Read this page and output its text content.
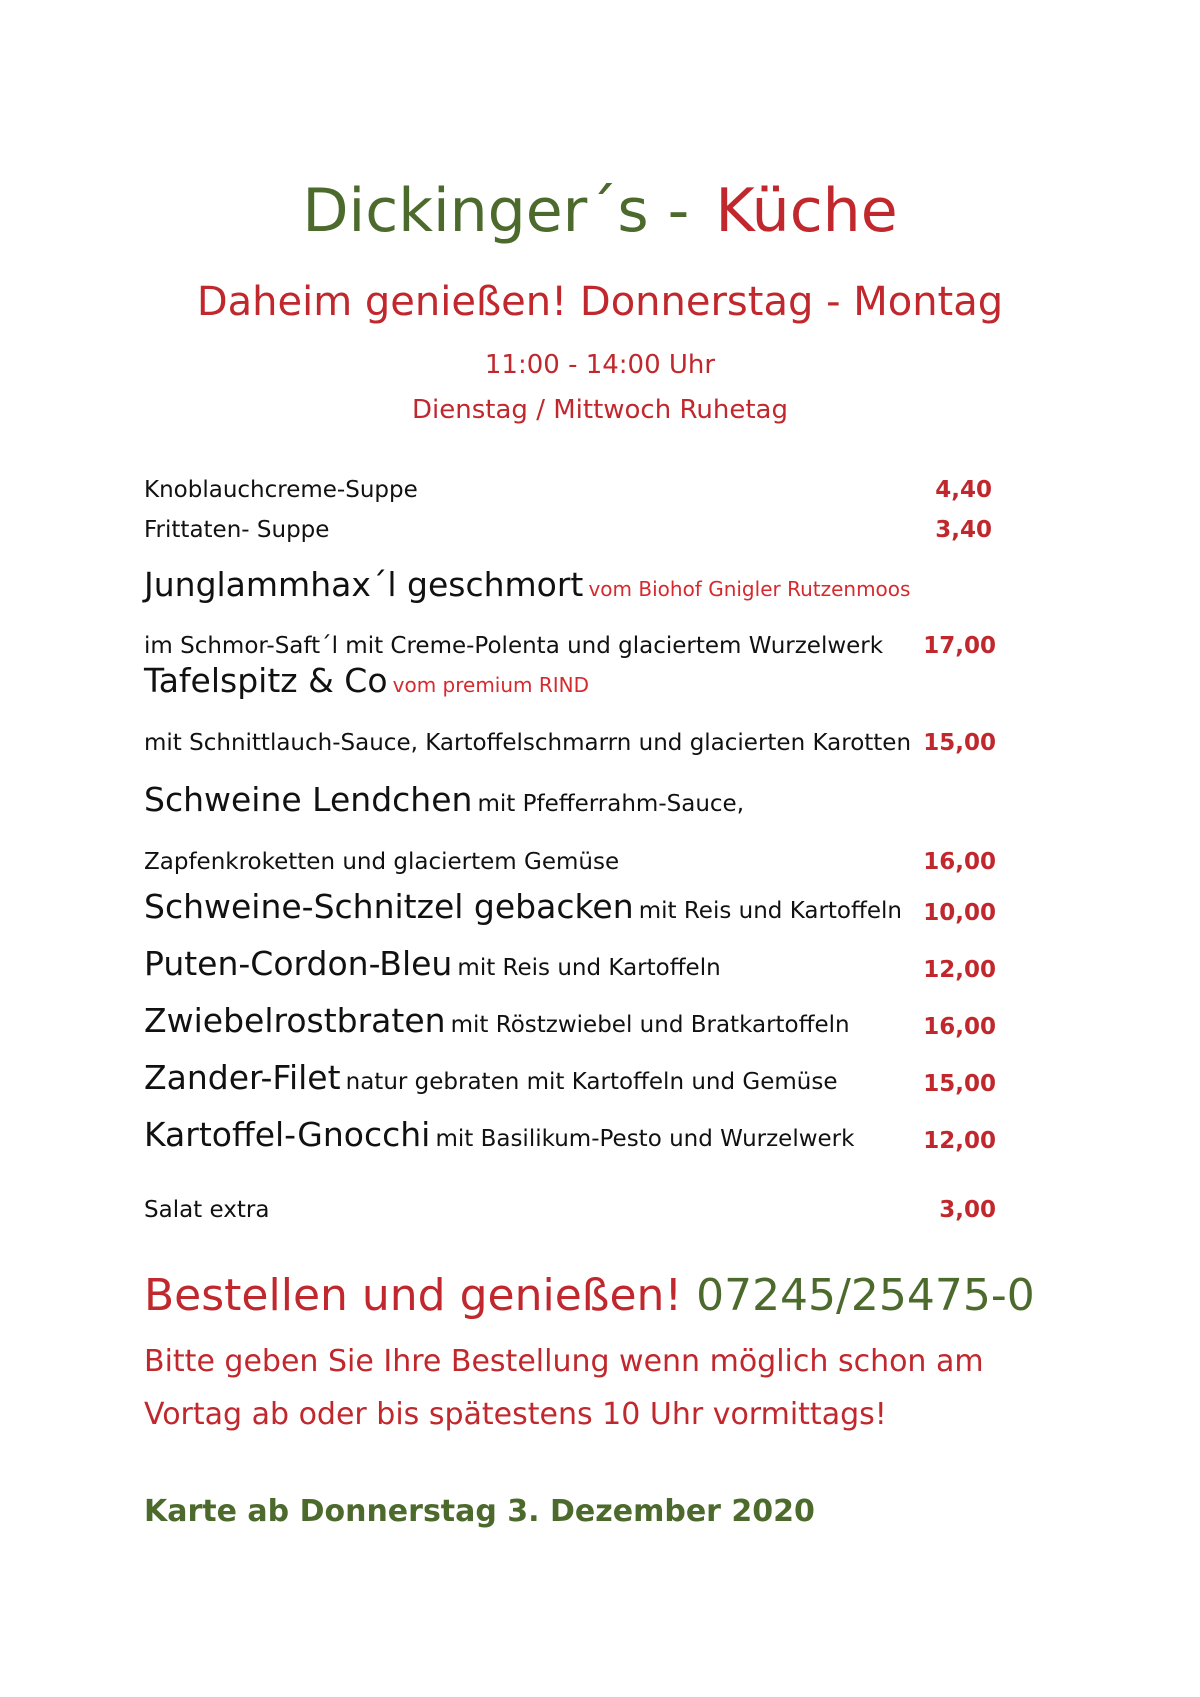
Dickinger´s - Küche
Daheim genießen! Donnerstag - Montag
11:00 - 14:00 Uhr
Dienstag / Mittwoch Ruhetag
Knoblauchcreme-Suppe	4,40
Frittaten- Suppe	3,40
Junglammhax´l geschmort vom Biohof Gnigler Rutzenmoos
im Schmor-Saft´l mit Creme-Polenta und glaciertem Wurzelwerk 17,00
Tafelspitz & Co vom premium RIND
mit Schnittlauch-Sauce, Kartoffelschmarrn und glacierten Karotten 15,00
Schweine Lendchen mit Pfefferrahm-Sauce,
Zapfenkroketten und glaciertem Gemüse	16,00
Schweine-Schnitzel gebacken mit Reis und Kartoffeln 10,00
Puten-Cordon-Bleu mit Reis und Kartoffeln	12,00
Zwiebelrostbraten mit Röstzwiebel und Bratkartoffeln	16,00
Zander-Filet natur gebraten mit Kartoffeln und Gemüse	15,00
Kartoffel-Gnocchi mit Basilikum-Pesto und Wurzelwerk	12,00
Salat extra	3,00
Bestellen und genießen! 07245/25475-0
Bitte geben Sie Ihre Bestellung wenn möglich schon am
Vortag ab oder bis spätestens 10 Uhr vormittags!
Karte ab Donnerstag 3. Dezember 2020
